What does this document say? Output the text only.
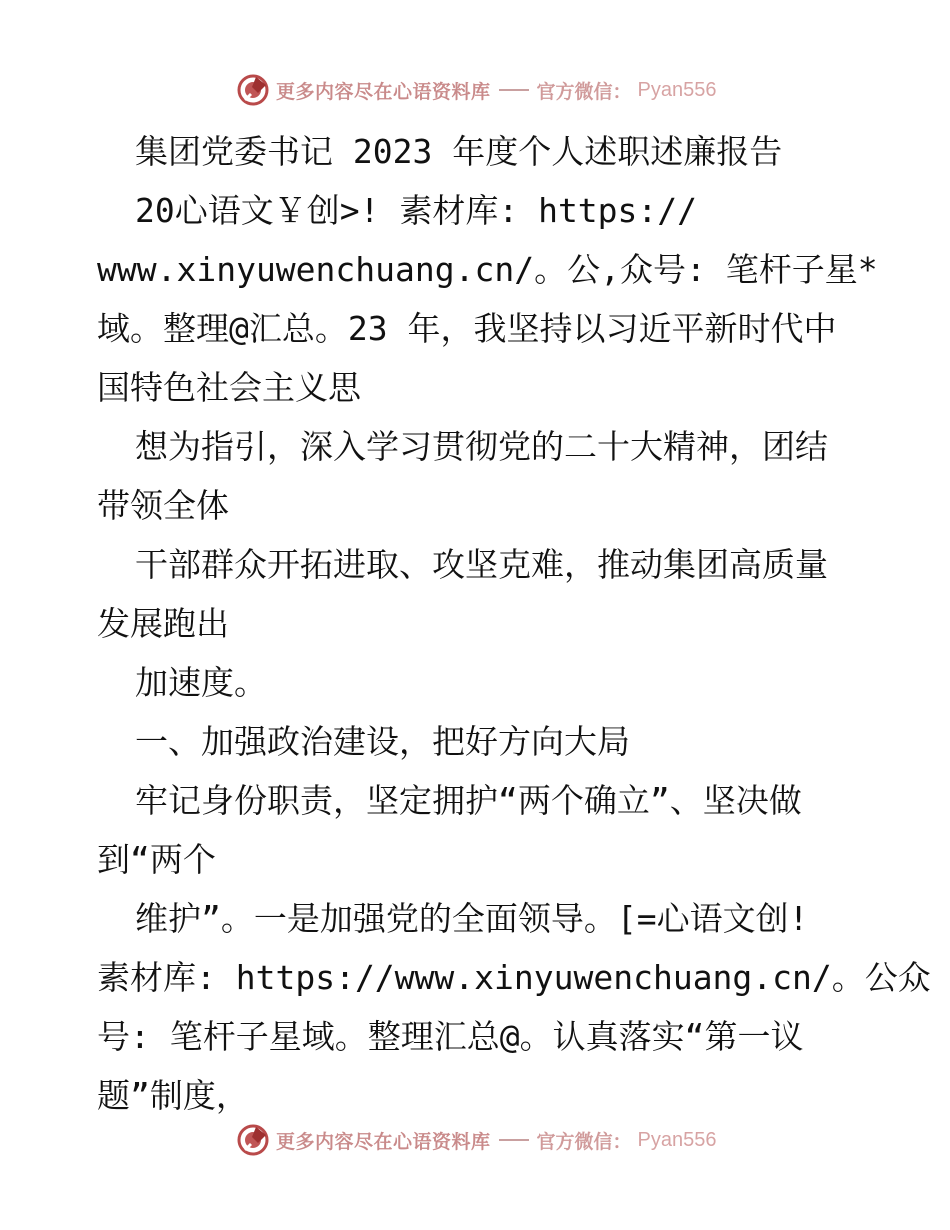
更多内容尽在心语资料库 官方微信： Pyan556
集团党委书记 2023 年度个人述职述廉报告
20心语文￥创>! 素材库: https://
www.xinyuwenchuang.cn/。公,众号: 笔杆子星*
域。整理@汇总。23 年，我坚持以习近平新时代中
国特色社会主义思
想为指引，深入学习贯彻党的二十大精神，团结
带领全体
干部群众开拓进取、攻坚克难，推动集团高质量
发展跑出
加速度。
一、加强政治建设，把好方向大局
牢记身份职责，坚定拥护“两个确立”、坚决做
到“两个
维护”。一是加强党的全面领导。[=心语文创!
素材库: https://www.xinyuwenchuang.cn/。公众
号: 笔杆子星域。整理汇总@。认真落实“第一议
题”制度，
更多内容尽在心语资料库 官方微信： Pyan556
